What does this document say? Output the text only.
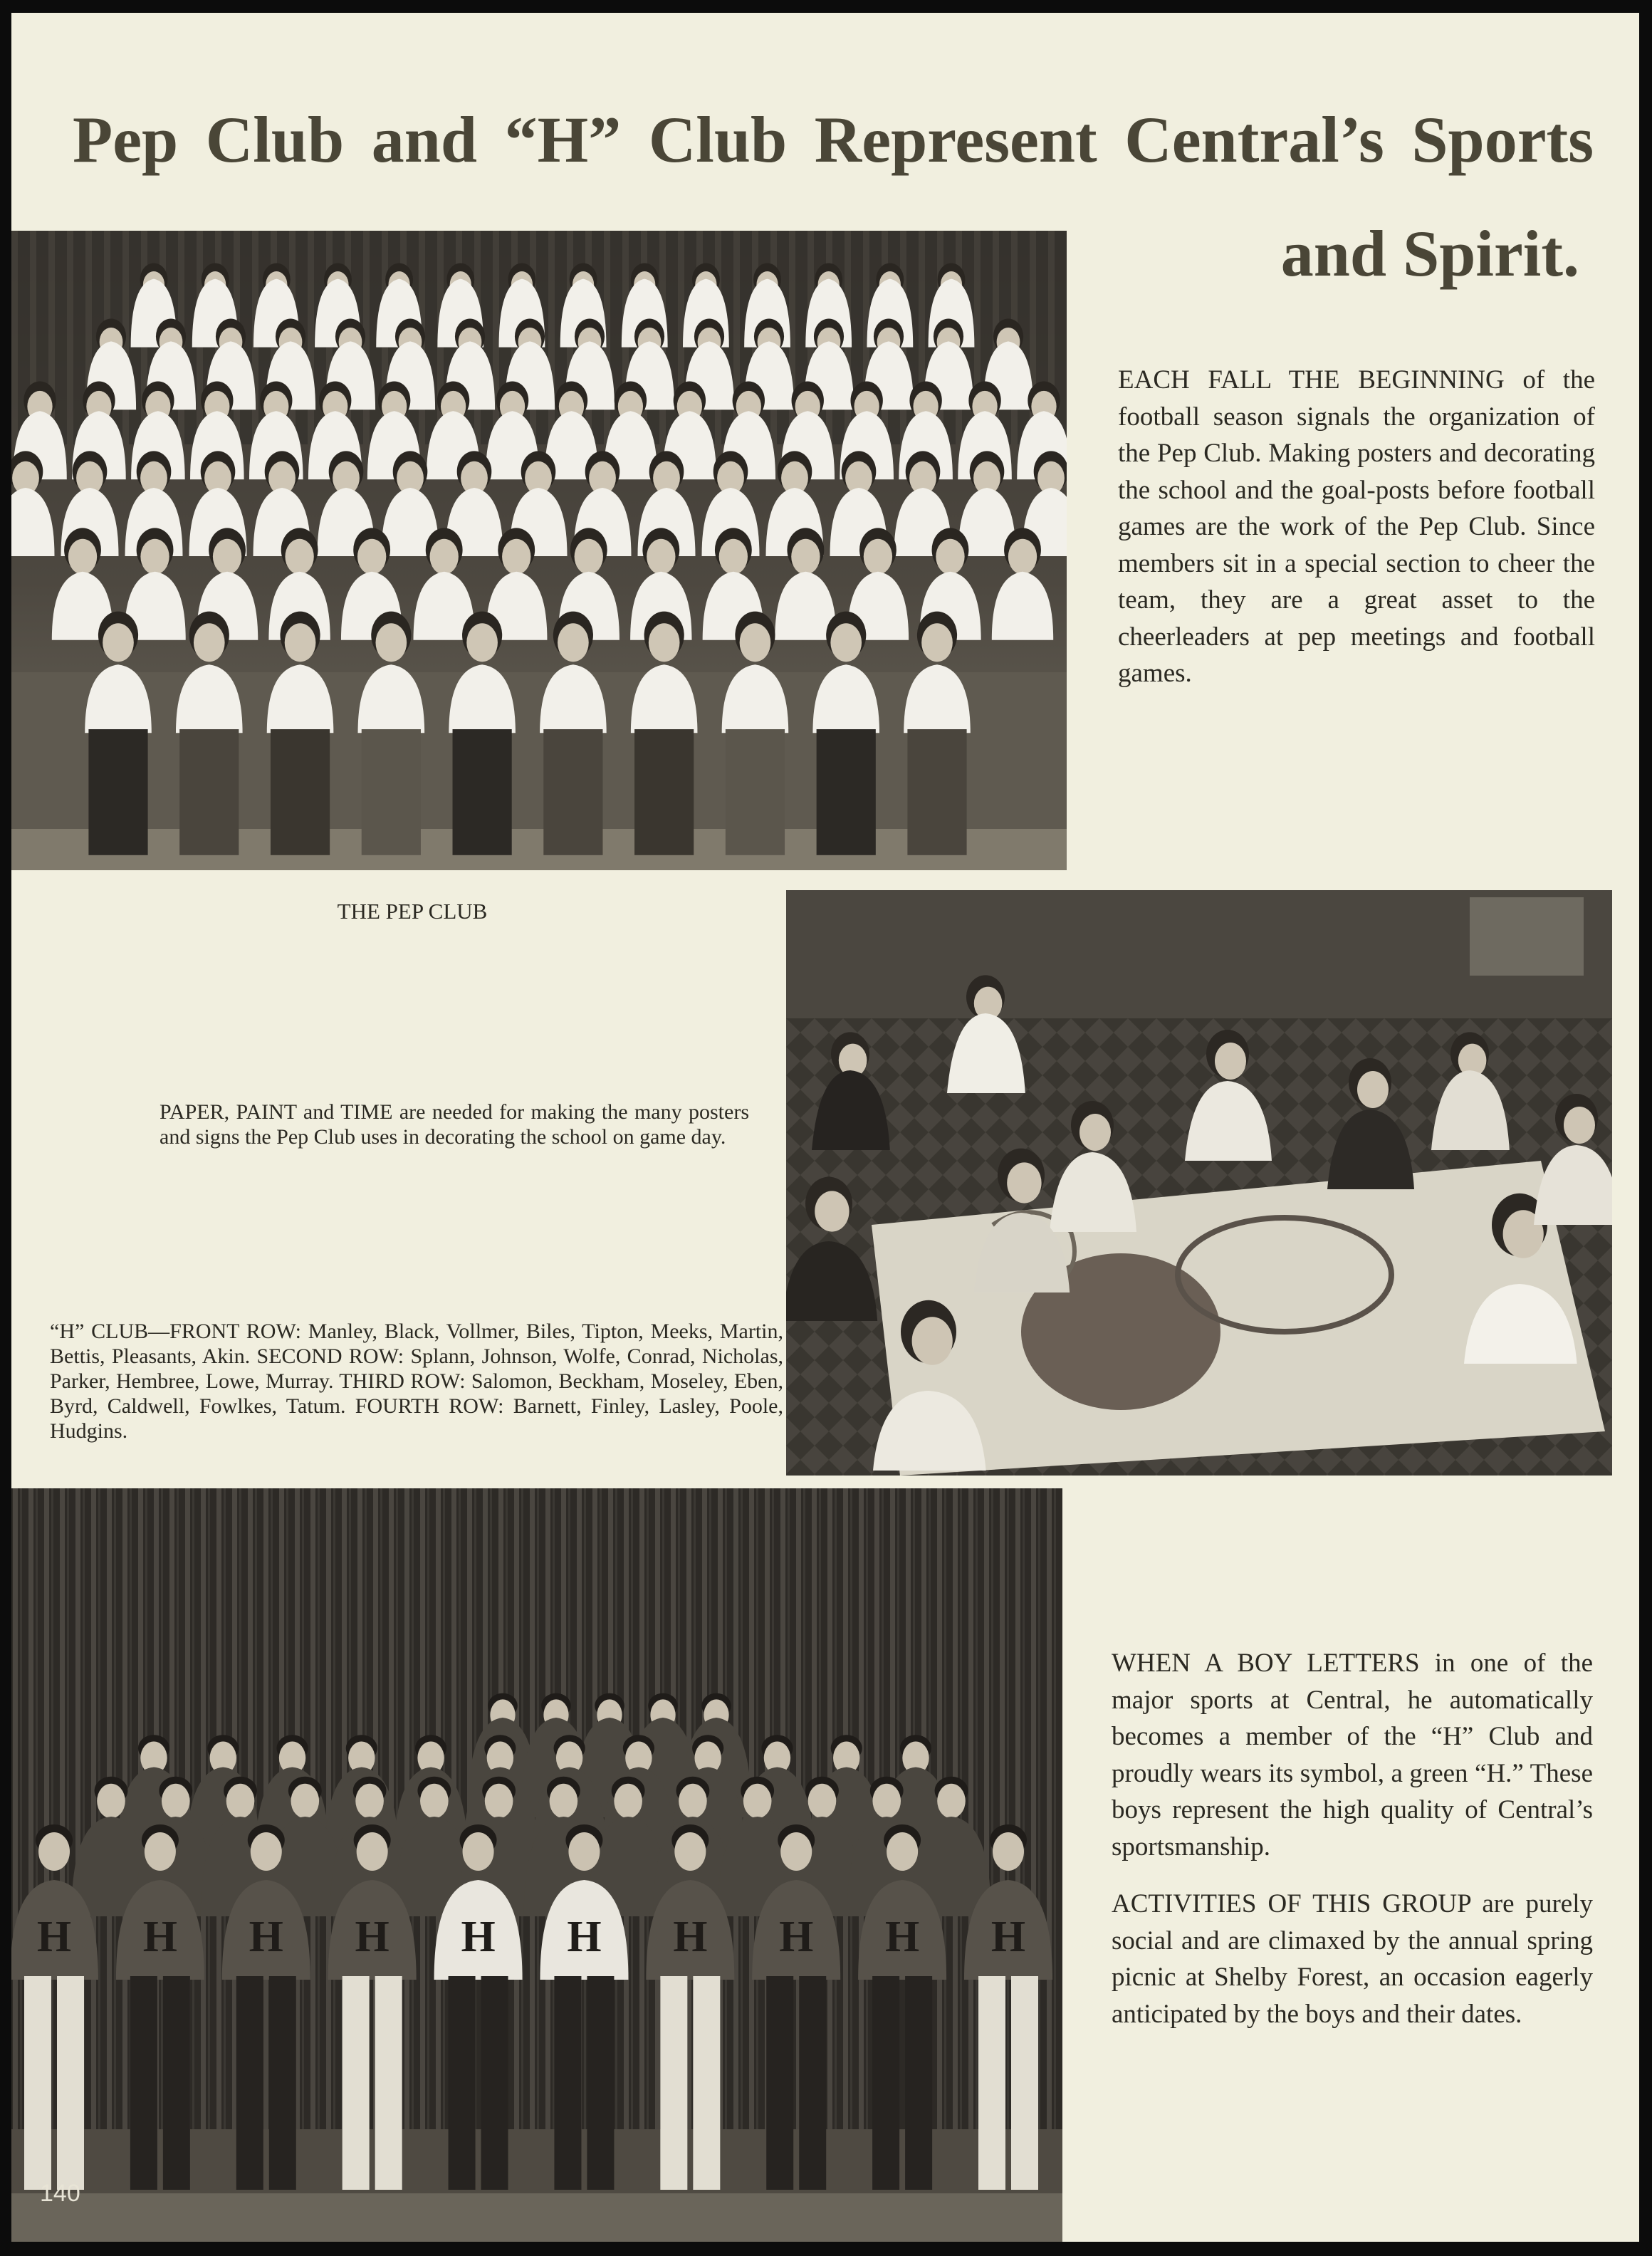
Pep Club and “H” Club Represent Central’s Sports
and Spirit.

EACH FALL THE BEGINNING of the football season signals the organization of the Pep Club. Making posters and decorating the school and the goal-posts before football games are the work of the Pep Club. Since members sit in a special section to cheer the team, they are a great asset to the cheerleaders at pep meetings and football games.

THE PEP CLUB

PAPER, PAINT and TIME are needed for making the many posters and signs the Pep Club uses in decorating the school on game day.

“H” CLUB—FRONT ROW: Manley, Black, Vollmer, Biles, Tipton, Meeks, Martin, Bettis, Pleasants, Akin. SECOND ROW: Splann, Johnson, Wolfe, Conrad, Nicholas, Parker, Hembree, Lowe, Murray. THIRD ROW: Salomon, Beckham, Moseley, Eben, Byrd, Caldwell, Fowlkes, Tatum. FOURTH ROW: Barnett, Finley, Lasley, Poole, Hudgins.

H H H H H H H H H H

WHEN A BOY LETTERS in one of the major sports at Central, he automatically becomes a member of the “H” Club and proudly wears its symbol, a green “H.” These boys represent the high quality of Central’s sportsmanship.

ACTIVITIES OF THIS GROUP are purely social and are climaxed by the annual spring picnic at Shelby Forest, an occasion eagerly anticipated by the boys and their dates.

140
